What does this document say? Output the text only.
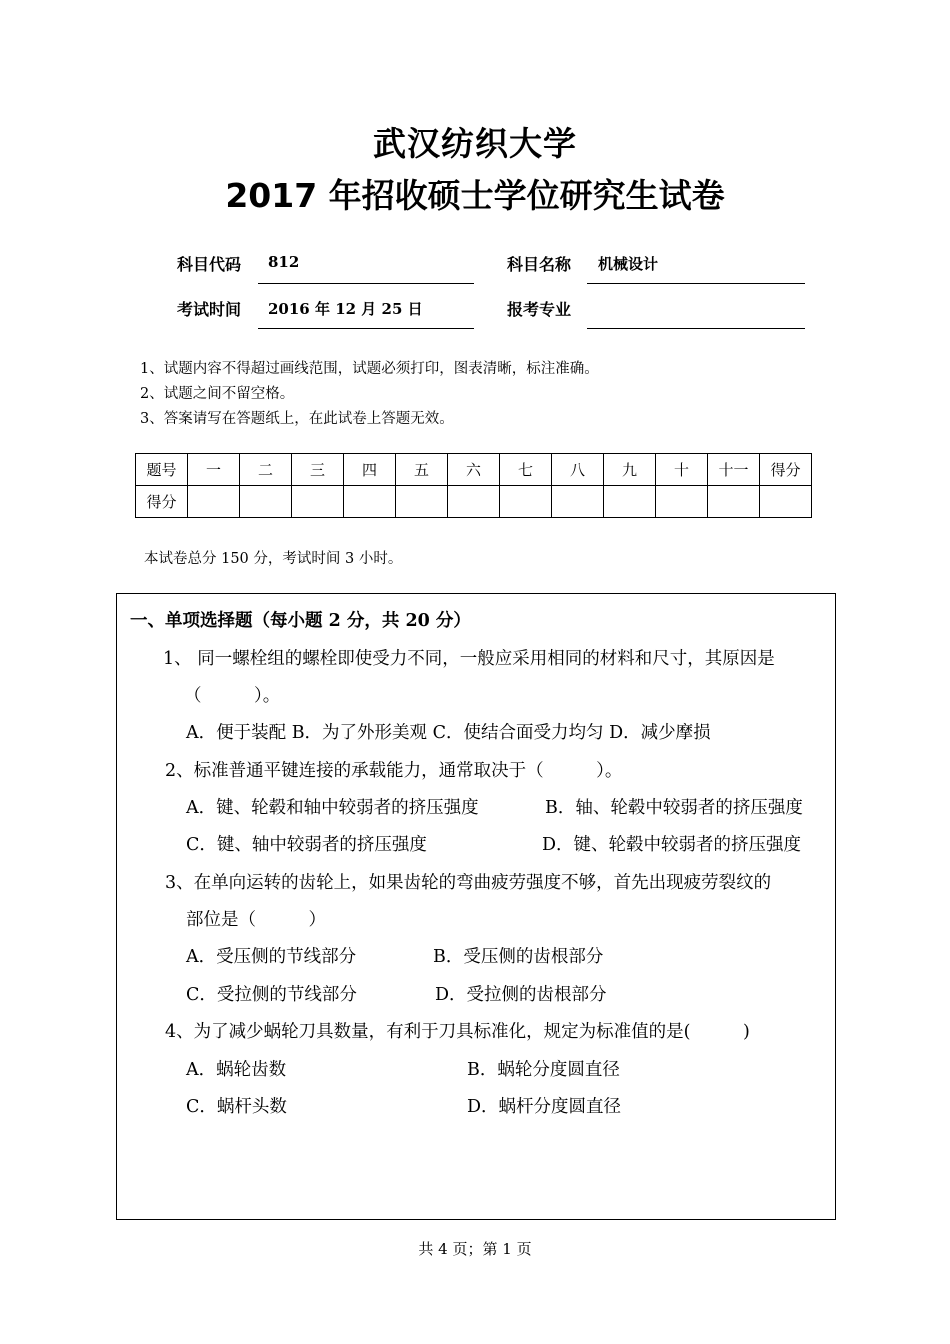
武汉纺织大学
2017 年招收硕士学位研究生试卷
科目代码 812	科目名称 机械设计
考试时间 2016 年 12 月 25 日	报考专业
1、试题内容不得超过画线范围，试题必须打印，图表清晰，标注准确。
2、试题之间不留空格。
3、答案请写在答题纸上，在此试卷上答题无效。
题号	一	二	三	四	五	六	七	八	九	十	十一	得分
得分												
本试卷总分 150 分，考试时间 3 小时。
一、单项选择题（每小题 2 分，共 20 分）
1、 同一螺栓组的螺栓即使受力不同，一般应采用相同的材料和尺寸，其原因是
（　　　）。
A．便于装配 B．为了外形美观 C．使结合面受力均匀 D．减少摩损
2、标准普通平键连接的承载能力，通常取决于（　　　）。
A．键、轮毂和轴中较弱者的挤压强度	B．轴、轮毂中较弱者的挤压强度
C．键、轴中较弱者的挤压强度	D．键、轮毂中较弱者的挤压强度
3、在单向运转的齿轮上，如果齿轮的弯曲疲劳强度不够，首先出现疲劳裂纹的
部位是（　　　）
A．受压侧的节线部分	B．受压侧的齿根部分
C．受拉侧的节线部分	D．受拉侧的齿根部分
4、为了减少蜗轮刀具数量，有利于刀具标准化，规定为标准值的是(　　　)
A．蜗轮齿数	B．蜗轮分度圆直径
C．蜗杆头数	D．蜗杆分度圆直径
共 4 页；第 1 页
